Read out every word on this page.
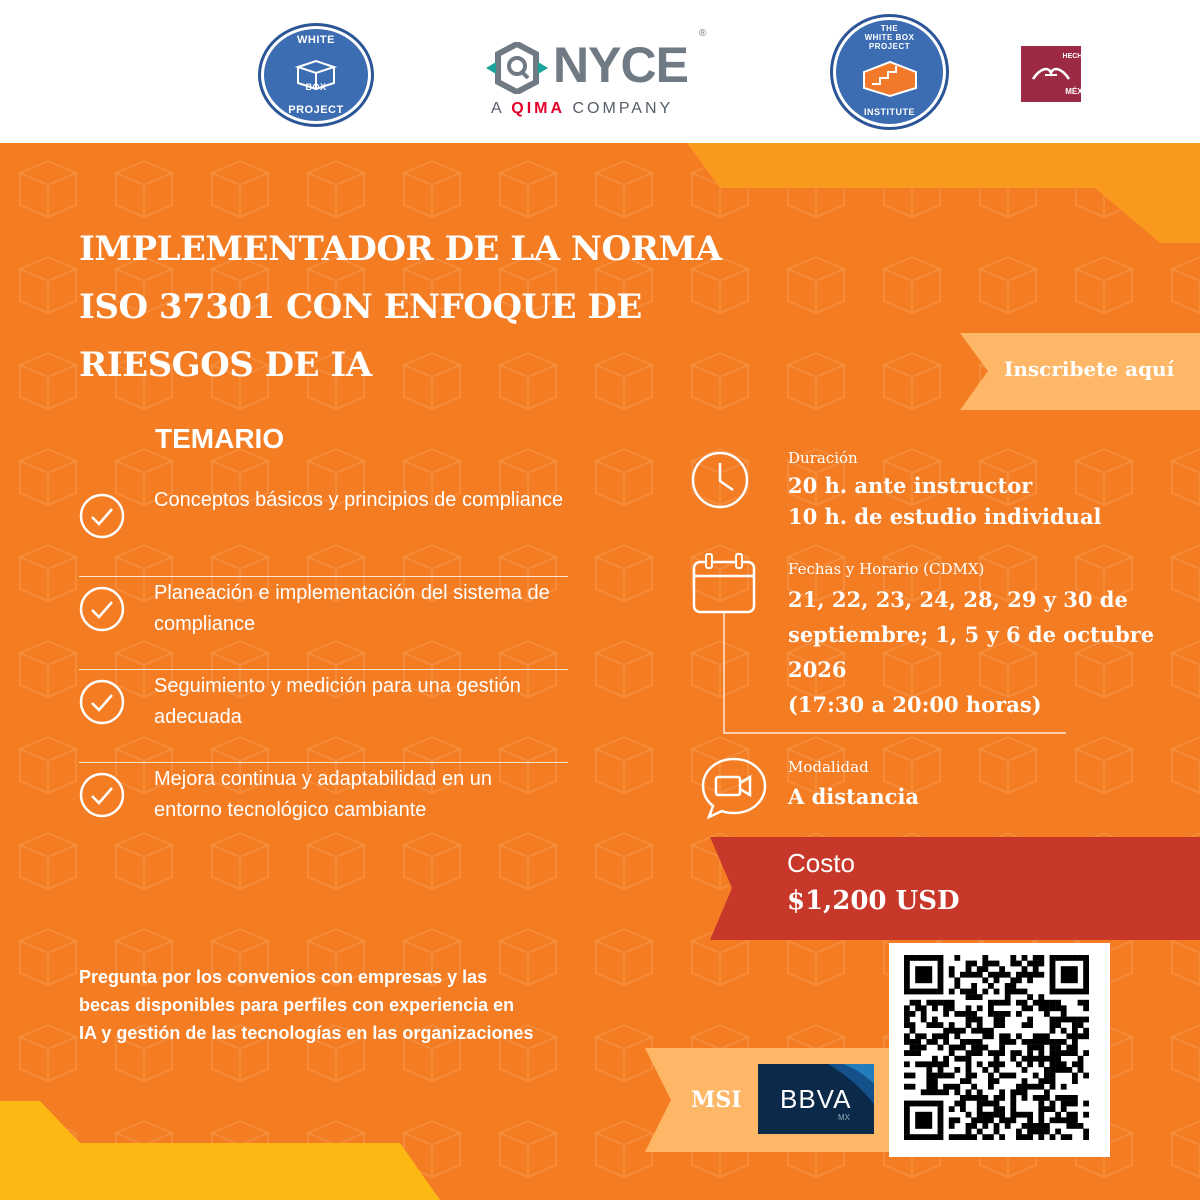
WHITE
BOX
PROJECT
NYCE
®
A QIMA COMPANY
THE
WHITE BOX
PROJECT
INSTITUTE
HECHO EN
MÉXICO
IMPLEMENTADOR DE LA NORMA
ISO 37301 CON ENFOQUE DE
RIESGOS DE IA	Inscribete aquí
TEMARIO
Conceptos básicos y principios de compliance
Planeación e implementación del sistema de compliance
Seguimiento y medición para una gestión adecuada
Mejora continua y adaptabilidad en un entorno tecnológico cambiante
Duración
20 h. ante instructor
10 h. de estudio individual
Fechas y Horario (CDMX)
21, 22, 23, 24, 28, 29 y 30 de
septiembre; 1, 5 y 6 de octubre
2026
(17:30 a 20:00 horas)
Modalidad
A distancia
Costo
$1,200 USD
Pregunta por los convenios con empresas y las
becas disponibles para perfiles con experiencia en
IA y gestión de las tecnologías en las organizaciones
MSI BBVA
MX
